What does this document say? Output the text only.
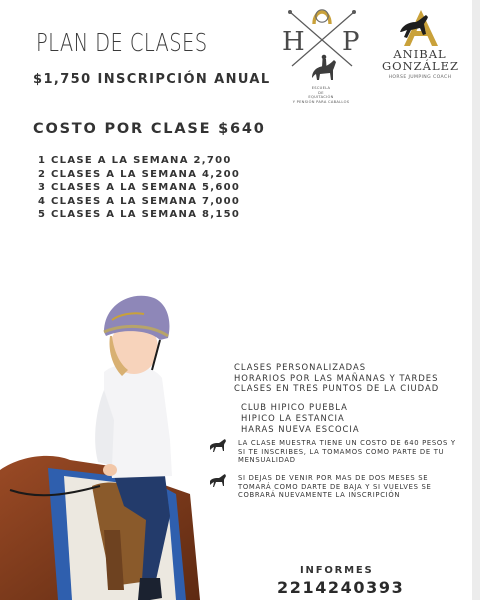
PLAN DE CLASES
$1,750 INSCRIPCIÓN ANUAL
COSTO POR CLASE $640
1 CLASE A LA SEMANA 2,700
2 CLASES A LA SEMANA 4,200
3 CLASES A LA SEMANA 5,600
4 CLASES A LA SEMANA 7,000
5 CLASES A LA SEMANA 8,150
H P
ESCUELA
DE
EQUITACIÓN
Y PENSIÓN PARA CABALLOS
ANIBAL
GONZÁLEZ
HORSE JUMPING COACH
CLASES PERSONALIZADAS
HORARIOS POR LAS MAÑANAS Y TARDES
CLASES EN TRES PUNTOS DE LA CIUDAD
CLUB HIPICO PUEBLA
HIPICO LA ESTANCIA
HARAS NUEVA ESCOCIA
LA CLASE MUESTRA TIENE UN COSTO DE 640 PESOS Y SI TE INSCRIBES, LA TOMAMOS COMO PARTE DE TU MENSUALIDAD
SI DEJAS DE VENIR POR MAS DE DOS MESES SE TOMARÁ COMO DARTE DE BAJA Y SI VUELVES SE COBRARÁ NUEVAMENTE LA INSCRIPCIÓN
INFORMES
2214240393
